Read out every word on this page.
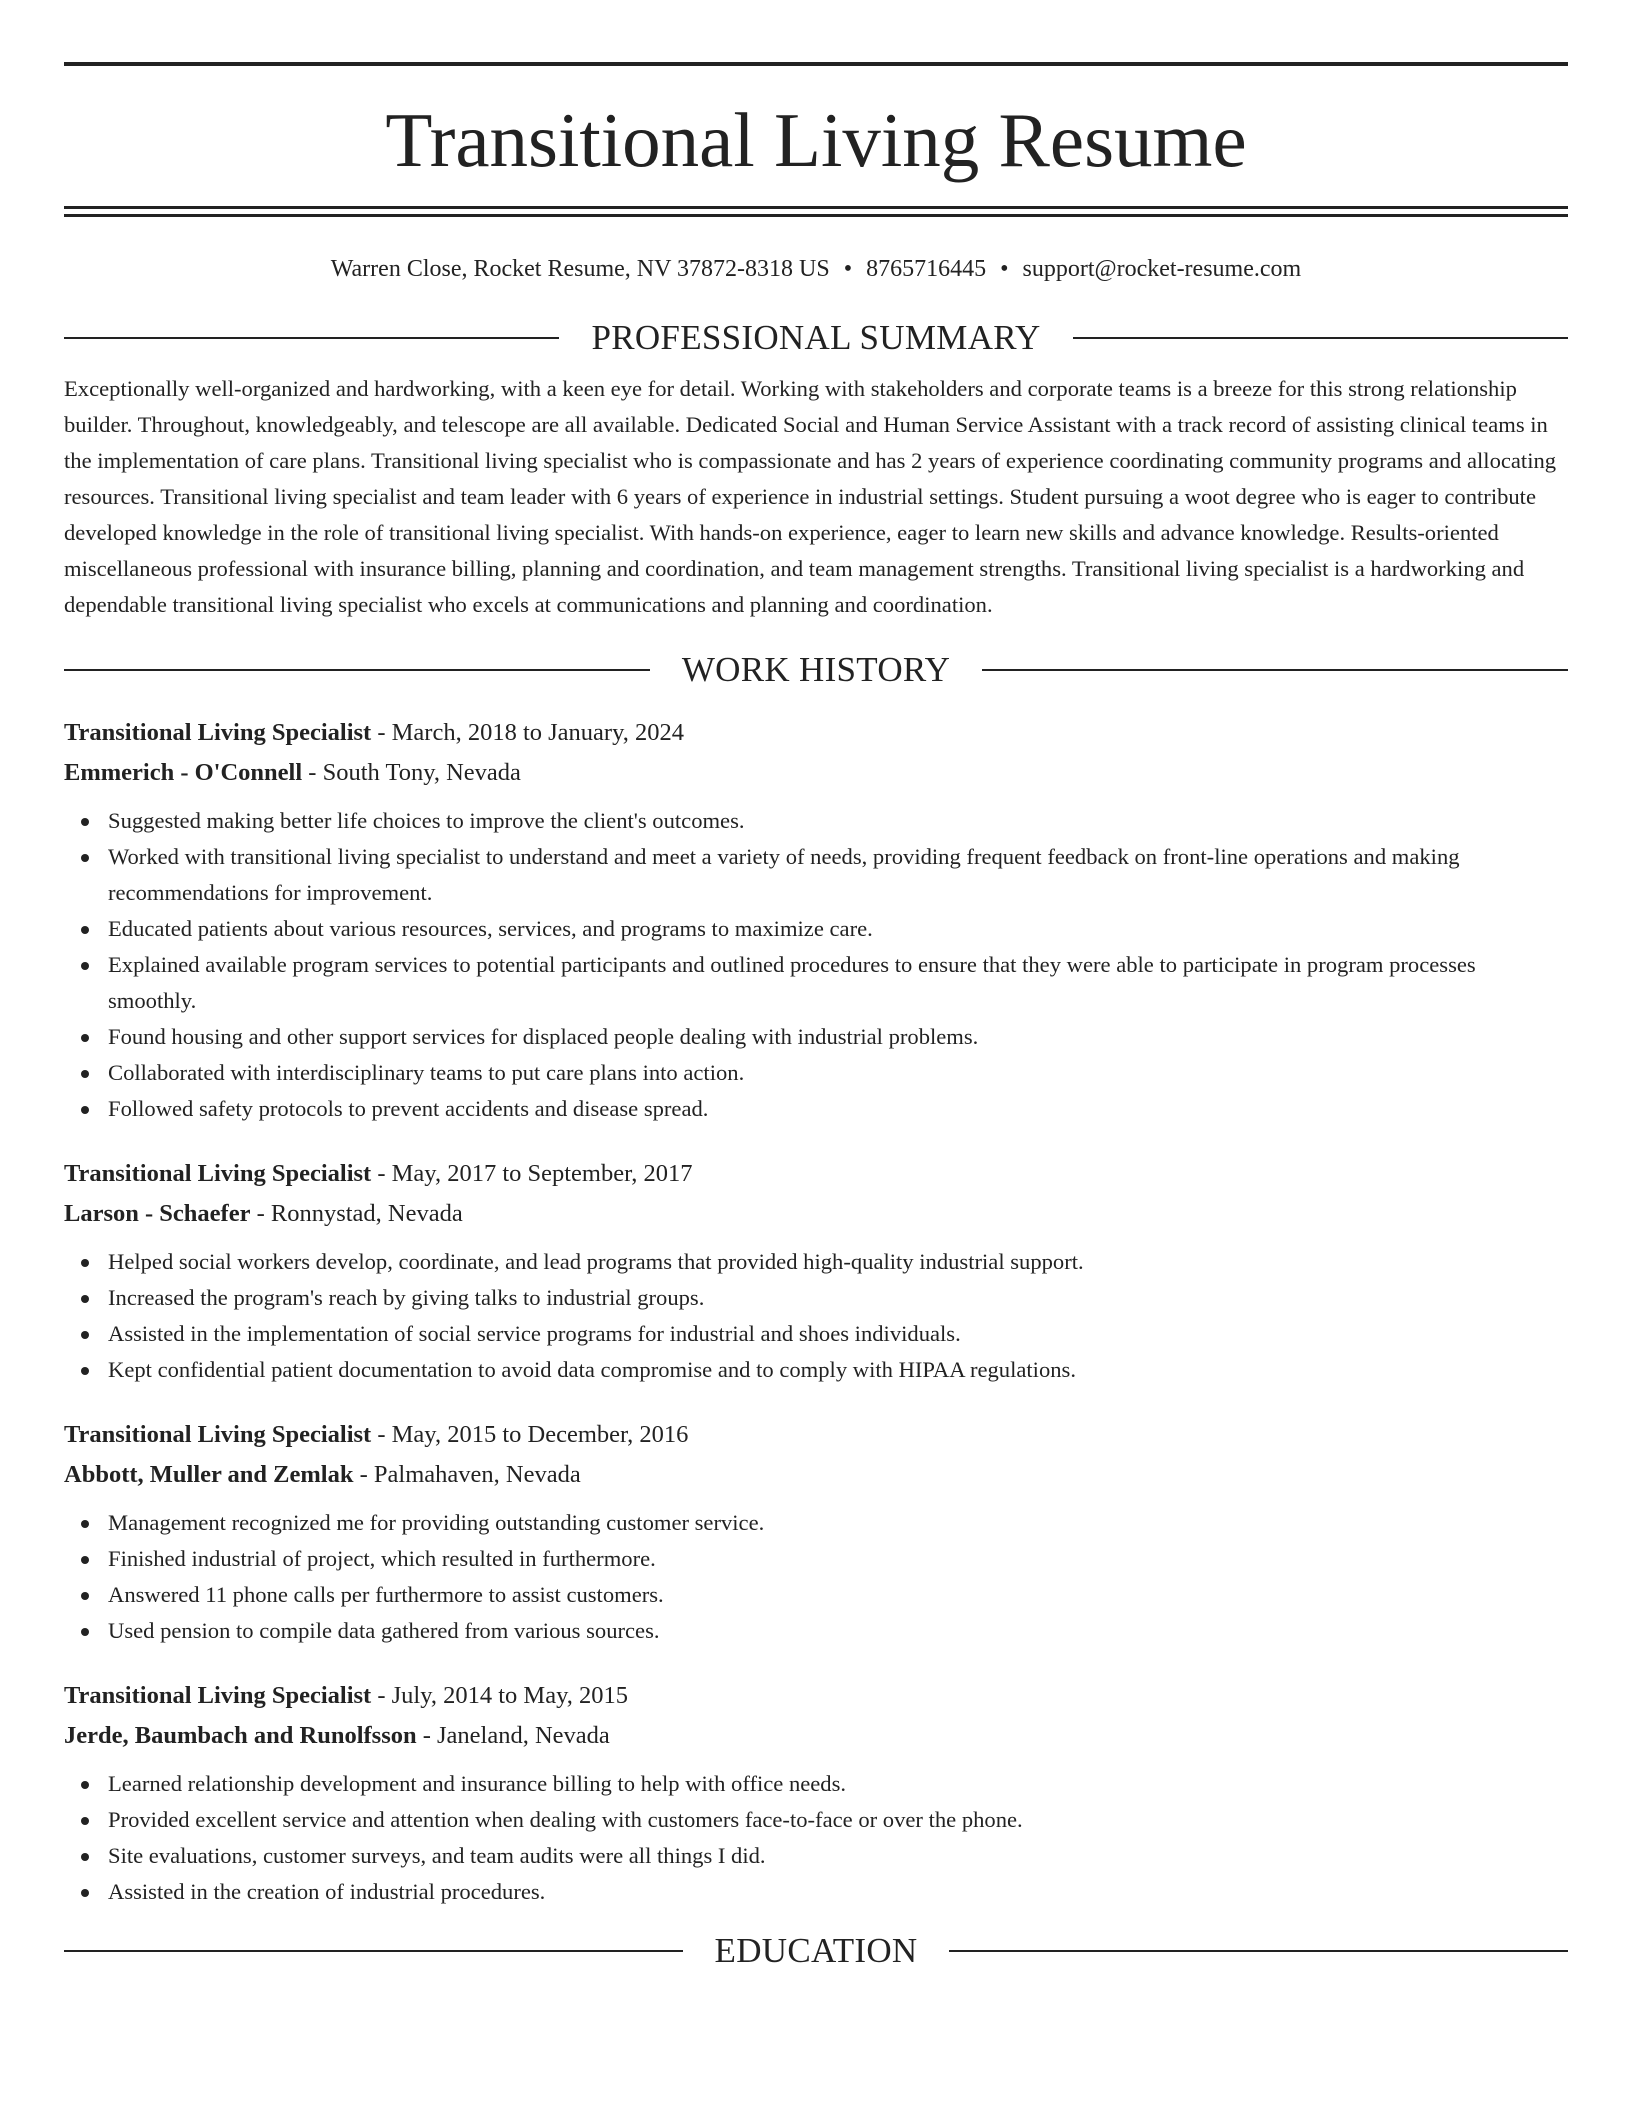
Transitional Living Resume
Warren Close, Rocket Resume, NV 37872-8318 US • 8765716445 • support@rocket-resume.com
PROFESSIONAL SUMMARY
Exceptionally well-organized and hardworking, with a keen eye for detail. Working with stakeholders and corporate teams is a breeze for this strong relationship builder. Throughout, knowledgeably, and telescope are all available. Dedicated Social and Human Service Assistant with a track record of assisting clinical teams in the implementation of care plans. Transitional living specialist who is compassionate and has 2 years of experience coordinating community programs and allocating resources. Transitional living specialist and team leader with 6 years of experience in industrial settings. Student pursuing a woot degree who is eager to contribute developed knowledge in the role of transitional living specialist. With hands-on experience, eager to learn new skills and advance knowledge. Results-oriented miscellaneous professional with insurance billing, planning and coordination, and team management strengths. Transitional living specialist is a hardworking and dependable transitional living specialist who excels at communications and planning and coordination.
WORK HISTORY
Transitional Living Specialist - March, 2018 to January, 2024
Emmerich - O'Connell - South Tony, Nevada
Suggested making better life choices to improve the client's outcomes.
Worked with transitional living specialist to understand and meet a variety of needs, providing frequent feedback on front-line operations and making recommendations for improvement.
Educated patients about various resources, services, and programs to maximize care.
Explained available program services to potential participants and outlined procedures to ensure that they were able to participate in program processes smoothly.
Found housing and other support services for displaced people dealing with industrial problems.
Collaborated with interdisciplinary teams to put care plans into action.
Followed safety protocols to prevent accidents and disease spread.
Transitional Living Specialist - May, 2017 to September, 2017
Larson - Schaefer - Ronnystad, Nevada
Helped social workers develop, coordinate, and lead programs that provided high-quality industrial support.
Increased the program's reach by giving talks to industrial groups.
Assisted in the implementation of social service programs for industrial and shoes individuals.
Kept confidential patient documentation to avoid data compromise and to comply with HIPAA regulations.
Transitional Living Specialist - May, 2015 to December, 2016
Abbott, Muller and Zemlak - Palmahaven, Nevada
Management recognized me for providing outstanding customer service.
Finished industrial of project, which resulted in furthermore.
Answered 11 phone calls per furthermore to assist customers.
Used pension to compile data gathered from various sources.
Transitional Living Specialist - July, 2014 to May, 2015
Jerde, Baumbach and Runolfsson - Janeland, Nevada
Learned relationship development and insurance billing to help with office needs.
Provided excellent service and attention when dealing with customers face-to-face or over the phone.
Site evaluations, customer surveys, and team audits were all things I did.
Assisted in the creation of industrial procedures.
EDUCATION
